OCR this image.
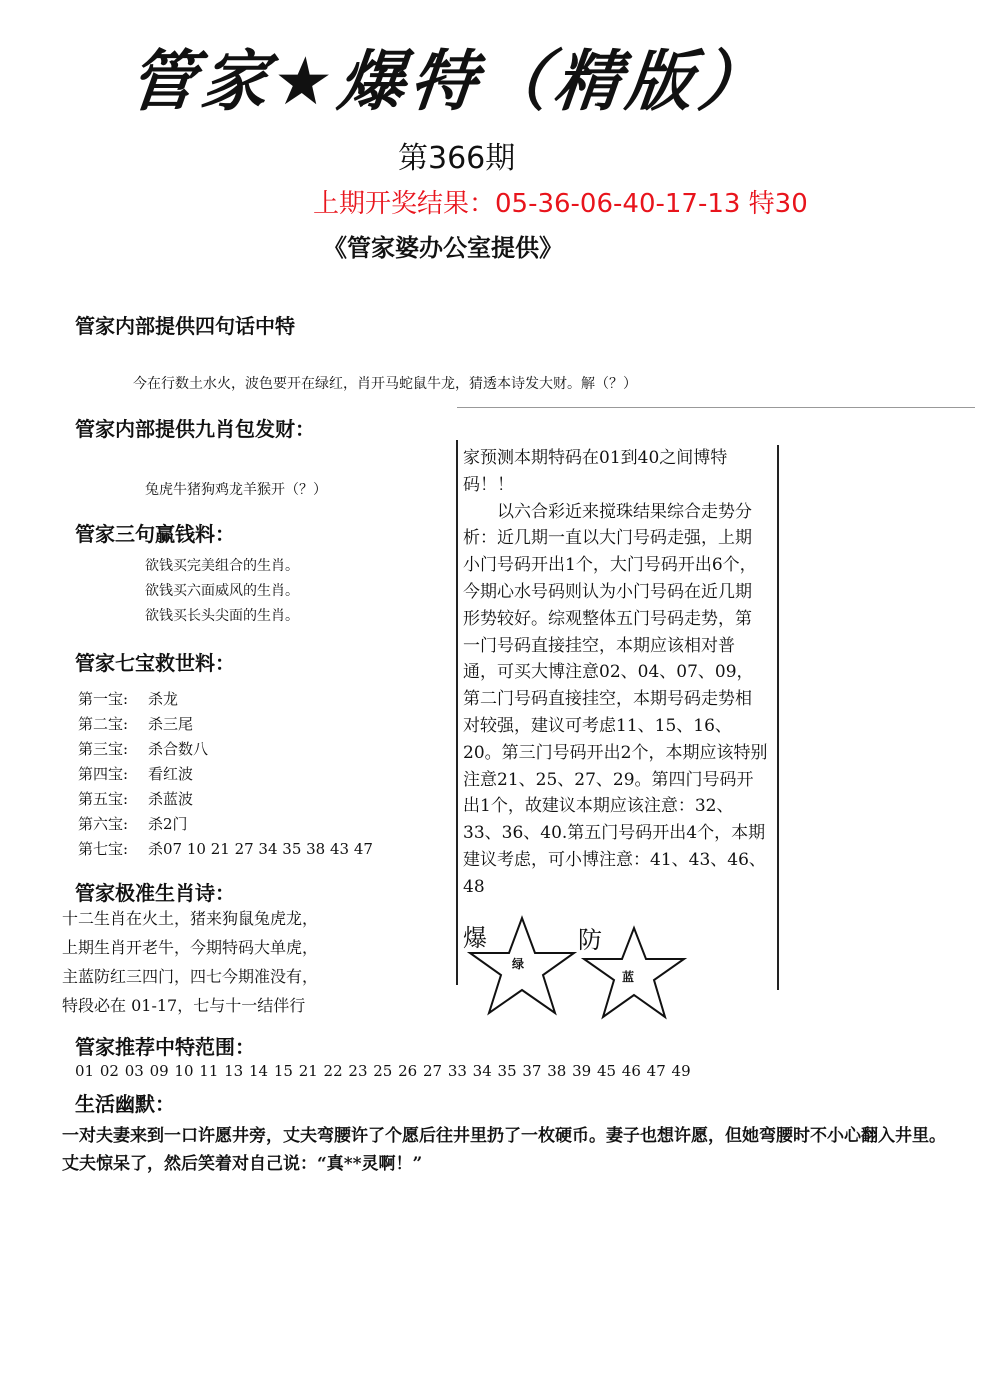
管家★爆特（精版）
第366期
上期开奖结果：05-36-06-40-17-13 特30
《管家婆办公室提供》
管家内部提供四句话中特
今在行数土水火，波色要开在绿红，肖开马蛇鼠牛龙，猜透本诗发大财。解（？）
管家内部提供九肖包发财：
兔虎牛猪狗鸡龙羊猴开（？）
管家三句赢钱料：
欲钱买完美组合的生肖。
欲钱买六面威风的生肖。
欲钱买长头尖面的生肖。
管家七宝救世料：
第一宝: 杀龙
第二宝: 杀三尾
第三宝: 杀合数八
第四宝: 看红波
第五宝: 杀蓝波
第六宝: 杀2门
第七宝: 杀07 10 21 27 34 35 38 43 47
管家极准生肖诗：
十二生肖在火土，猪来狗鼠兔虎龙，
上期生肖开老牛，今期特码大单虎，
主蓝防红三四门，四七今期准没有，
特段必在 01-17，七与十一结伴行

家预测本期特码在01到40之间博特码！！

以六合彩近来搅珠结果综合走势分析：近几期一直以大门号码走强，上期小门号码开出1个，大门号码开出6个，今期心水号码则认为小门号码在近几期形势较好。综观整体五门号码走势，第一门号码直接挂空，本期应该相对普通，可买大博注意02、04、07、09，第二门号码直接挂空，本期号码走势相对较强，建议可考虑11、15、16、20。第三门号码开出2个，本期应该特别注意21、25、27、29。第四门号码开出1个，故建议本期应该注意：32、33、36、40.第五门号码开出4个，本期建议考虑，可小博注意：41、43、46、48

爆
绿
防
蓝
管家推荐中特范围：
01 02 03 09 10 11 13 14 15 21 22 23 25 26 27 33 34 35 37 38 39 45 46 47 49
生活幽默：
一对夫妻来到一口许愿井旁，丈夫弯腰许了个愿后往井里扔了一枚硬币。妻子也想许愿，但她弯腰时不小心翻入井里。丈夫惊呆了，然后笑着对自己说：“真**灵啊！”
